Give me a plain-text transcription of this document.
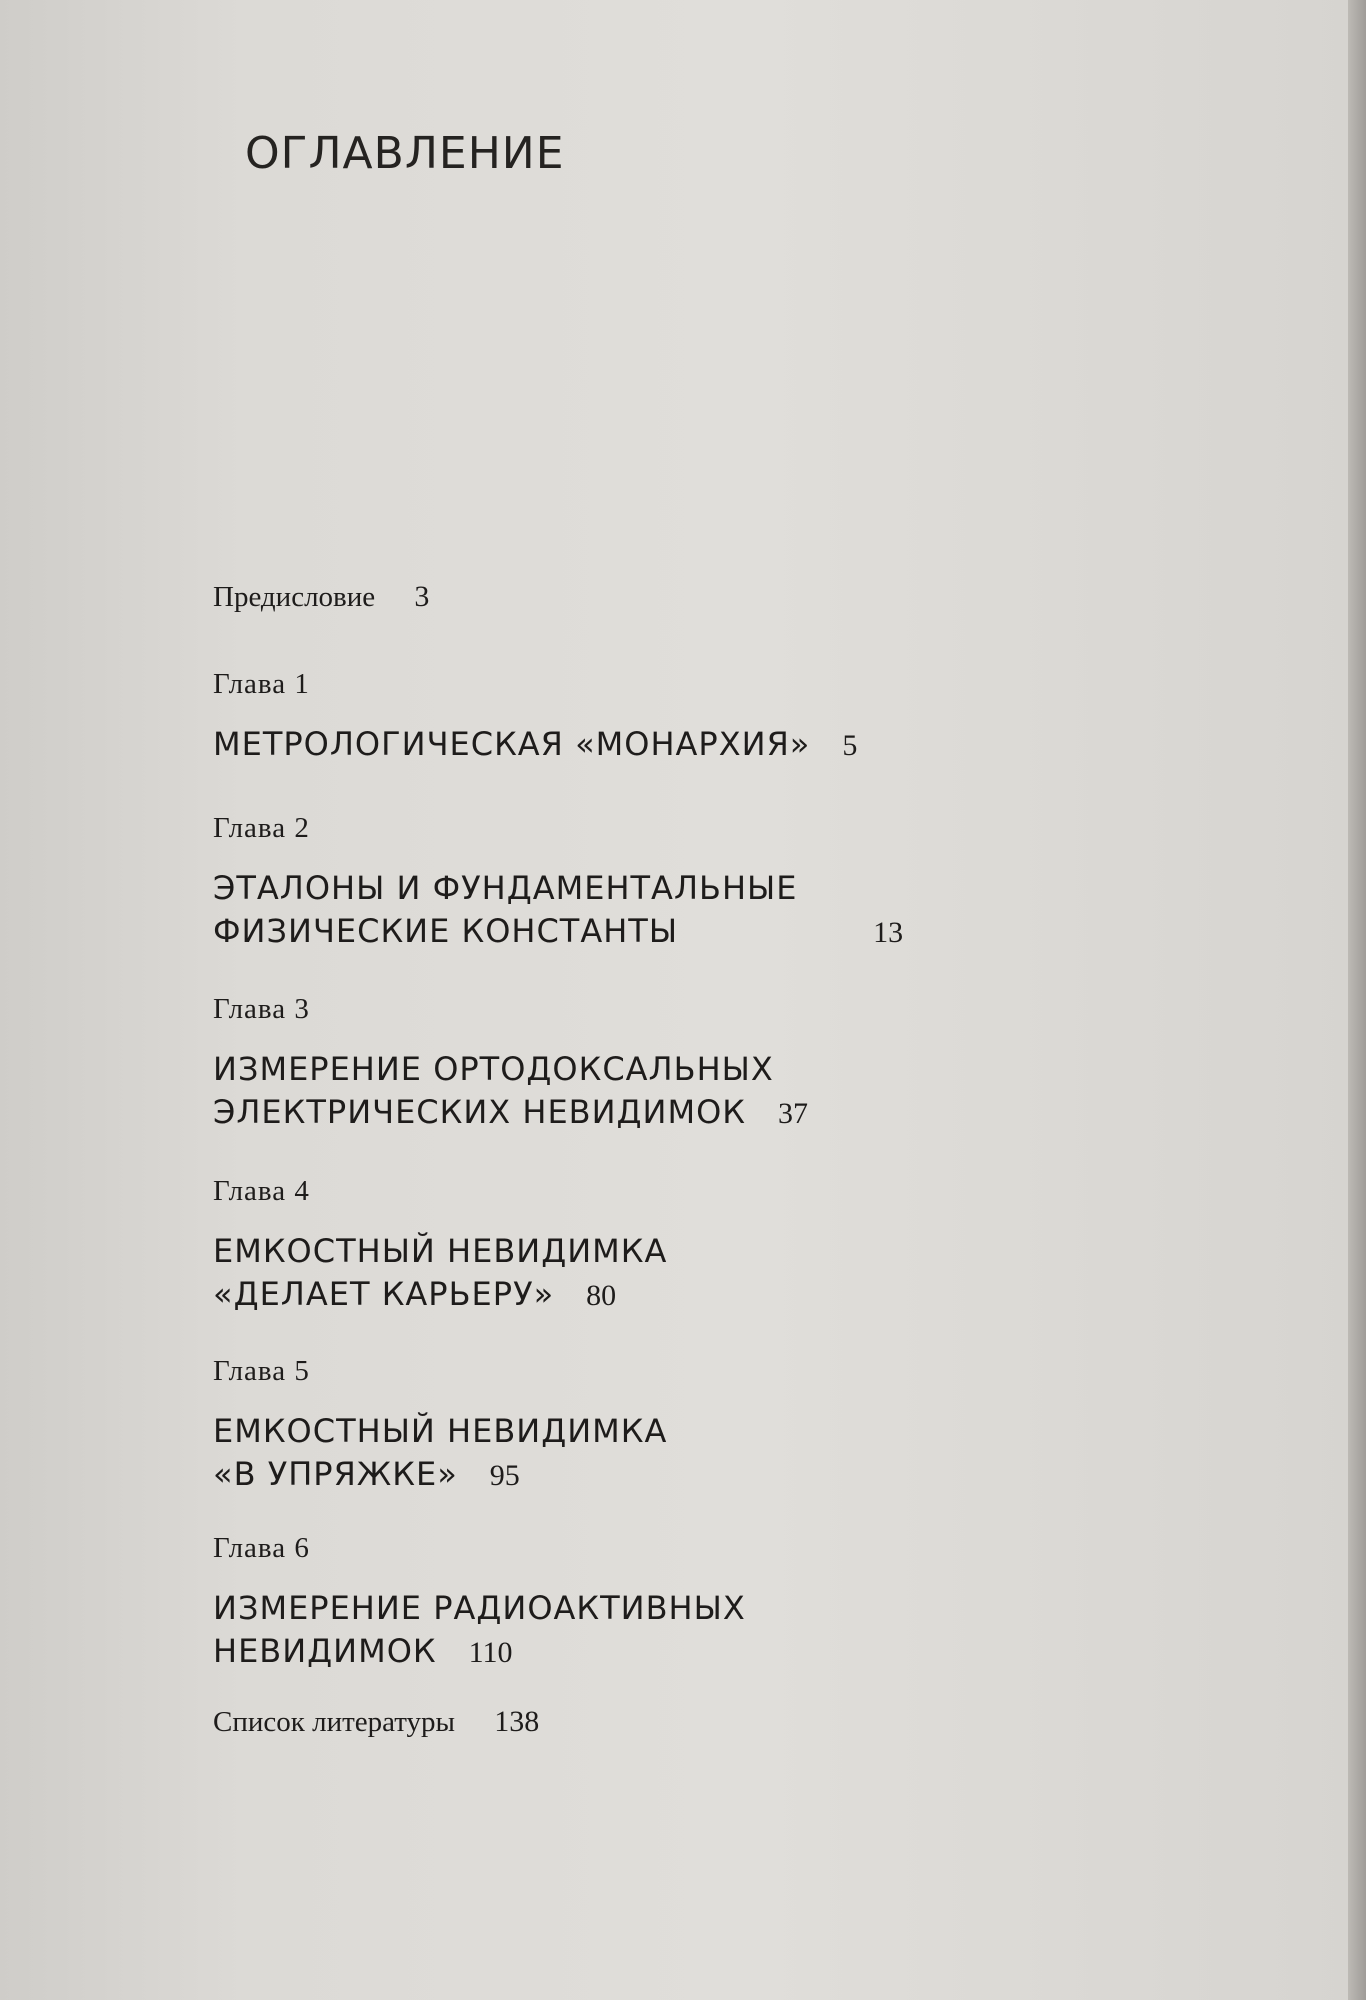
ОГЛАВЛЕНИЕ
Предисловие 3
Глава 1
МЕТРОЛОГИЧЕСКАЯ «МОНАРХИЯ» 5
Глава 2
ЭТАЛОНЫ И ФУНДАМЕНТАЛЬНЫЕ
ФИЗИЧЕСКИЕ КОНСТАНТЫ	13
Глава 3
ИЗМЕРЕНИЕ ОРТОДОКСАЛЬНЫХ
ЭЛЕКТРИЧЕСКИХ НЕВИДИМОК 37
Глава 4
ЕМКОСТНЫЙ НЕВИДИМКА
«ДЕЛАЕТ КАРЬЕРУ» 80
Глава 5
ЕМКОСТНЫЙ НЕВИДИМКА
«В УПРЯЖКЕ» 95
Глава 6
ИЗМЕРЕНИЕ РАДИОАКТИВНЫХ
НЕВИДИМОК 110
Список литературы 138
